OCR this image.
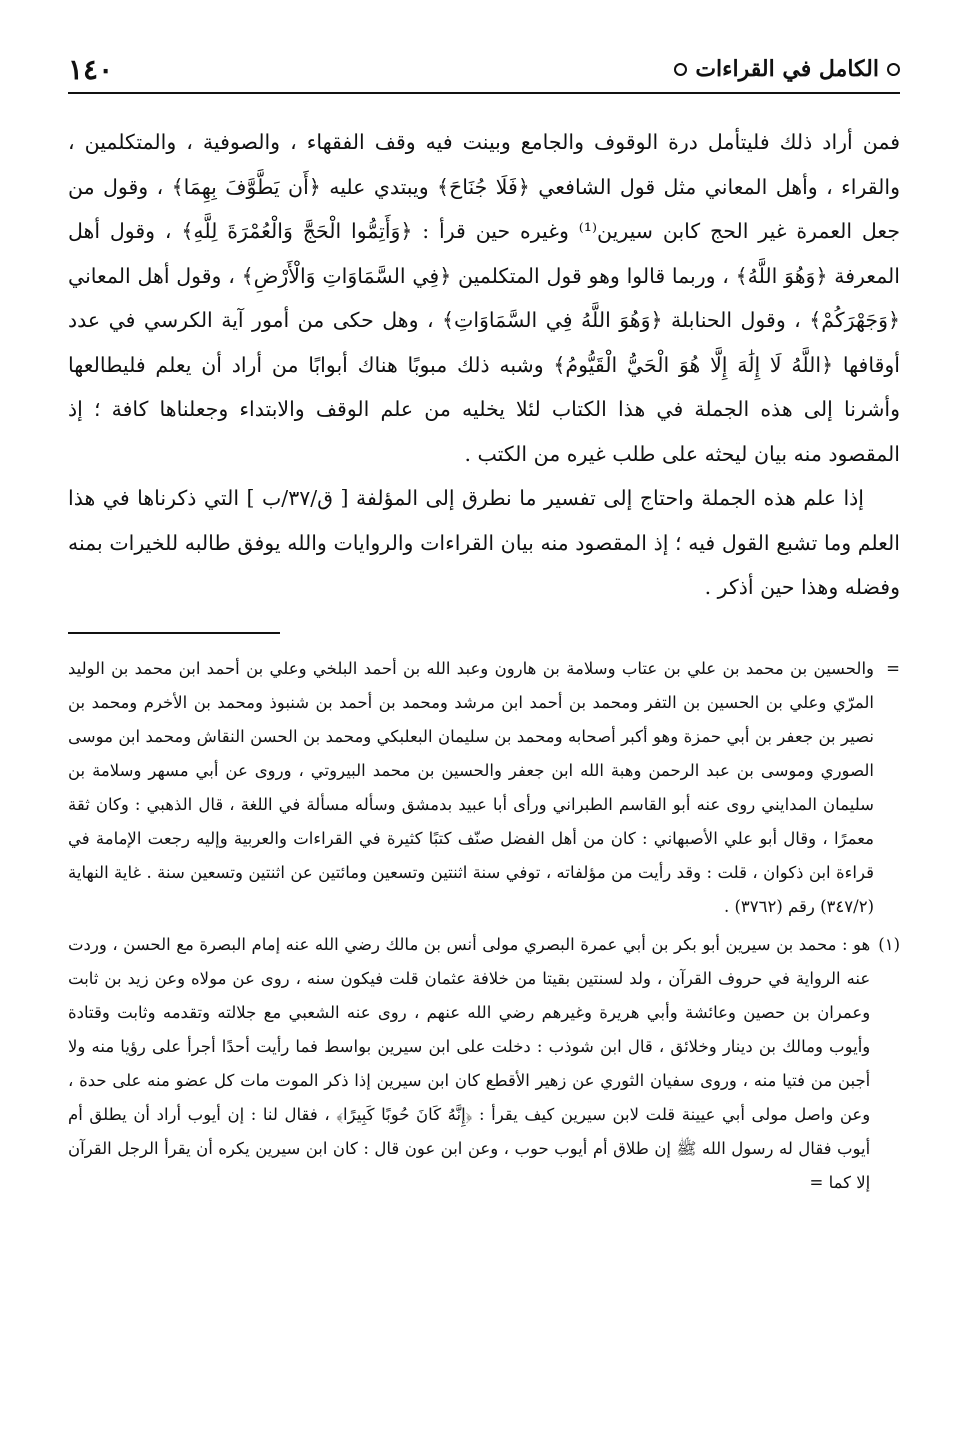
الكامل في القراءات
١٤٠

فمن أراد ذلك فليتأمل درة الوقوف والجامع وبينت فيه وقف الفقهاء ، والصوفية ، والمتكلمين ، والقراء ، وأهل المعاني مثل قول الشافعي ﴿فَلَا جُنَاحَ﴾ ويبتدي عليه ﴿أَن يَطَّوَّفَ بِهِمَا﴾ ، وقول من جعل العمرة غير الحج كابن سيرين⁽¹⁾ وغيره حين قرأ : ﴿وَأَتِمُّوا الْحَجَّ وَالْعُمْرَةَ لِلَّهِ﴾ ، وقول أهل المعرفة ﴿وَهُوَ اللَّهُ﴾ ، وربما قالوا وهو قول المتكلمين ﴿فِي السَّمَاوَاتِ وَالْأَرْضِ﴾ ، وقول أهل المعاني ﴿وَجَهْرَكُمْ﴾ ، وقول الحنابلة ﴿وَهُوَ اللَّهُ فِي السَّمَاوَاتِ﴾ ، وهل حكى من أمور آية الكرسي في عدد أوقافها ﴿اللَّهُ لَا إِلَٰهَ إِلَّا هُوَ الْحَيُّ الْقَيُّومُ﴾ وشبه ذلك مبوبًا هناك أبوابًا من أراد أن يعلم فليطالعها وأشرنا إلى هذه الجملة في هذا الكتاب لئلا يخليه من علم الوقف والابتداء وجعلناها كافة ؛ إذ المقصود منه بيان ليحثه على طلب غيره من الكتب .

إذا علم هذه الجملة واحتاج إلى تفسير ما نطرق إلى المؤلفة [ ق/٣٧/ب ] التي ذكرناها في هذا العلم وما تشبع القول فيه ؛ إذ المقصود منه بيان القراءات والروايات والله يوفق طالبه للخيرات بمنه وفضله وهذا حين أذكر .

=
والحسين بن محمد بن علي بن عتاب وسلامة بن هارون وعبد الله بن أحمد البلخي وعلي بن أحمد ابن محمد بن الوليد المرّي وعلي بن الحسين بن التفر ومحمد بن أحمد ابن مرشد ومحمد بن أحمد بن شنبوذ ومحمد بن الأخرم ومحمد بن نصير بن جعفر بن أبي حمزة وهو أكبر أصحابه ومحمد بن سليمان البعلبكي ومحمد بن الحسن النقاش ومحمد ابن موسى الصوري وموسى بن عبد الرحمن وهبة الله ابن جعفر والحسين بن محمد البيروتي ، وروى عن أبي مسهر وسلامة بن سليمان المدايني روى عنه أبو القاسم الطبراني ورأى أبا عبيد بدمشق وسأله مسألة في اللغة ، قال الذهبي : وكان ثقة معمرًا ، وقال أبو علي الأصبهاني : كان من أهل الفضل صنّف كتبًا كثيرة في القراءات والعربية وإليه رجعت الإمامة في قراءة ابن ذكوان ، قلت : وقد رأيت من مؤلفاته ، توفي سنة اثنتين وتسعين ومائتين عن اثنتين وتسعين سنة . غاية النهاية (٣٤٧/٢) رقم (٣٧٦٢) .
(١)
هو : محمد بن سيرين أبو بكر بن أبي عمرة البصري مولى أنس بن مالك رضي الله عنه إمام البصرة مع الحسن ، وردت عنه الرواية في حروف القرآن ، ولد لسنتين بقيتا من خلافة عثمان قلت فيكون سنه ، روى عن مولاه وعن زيد بن ثابت وعمران بن حصين وعائشة وأبي هريرة وغيرهم رضي الله عنهم ، روى عنه الشعبي مع جلالته وتقدمه وثابت وقتادة وأيوب ومالك بن دينار وخلائق ، قال ابن شوذب : دخلت على ابن سيرين بواسط فما رأيت أحدًا أجرأ على رؤيا منه ولا أجبن من فتيا منه ، وروى سفيان الثوري عن زهير الأقطع كان ابن سيرين إذا ذكر الموت مات كل عضو منه على حدة ، وعن واصل مولى أبي عيينة قلت لابن سيرين كيف يقرأ : ﴿إِنَّهُ كَانَ حُوبًا كَبِيرًا﴾ ، فقال لنا : إن أيوب أراد أن يطلق أم أيوب فقال له رسول الله ﷺ إن طلاق أم أيوب حوب ، وعن ابن عون قال : كان ابن سيرين يكره أن يقرأ الرجل القرآن إلا كما =
